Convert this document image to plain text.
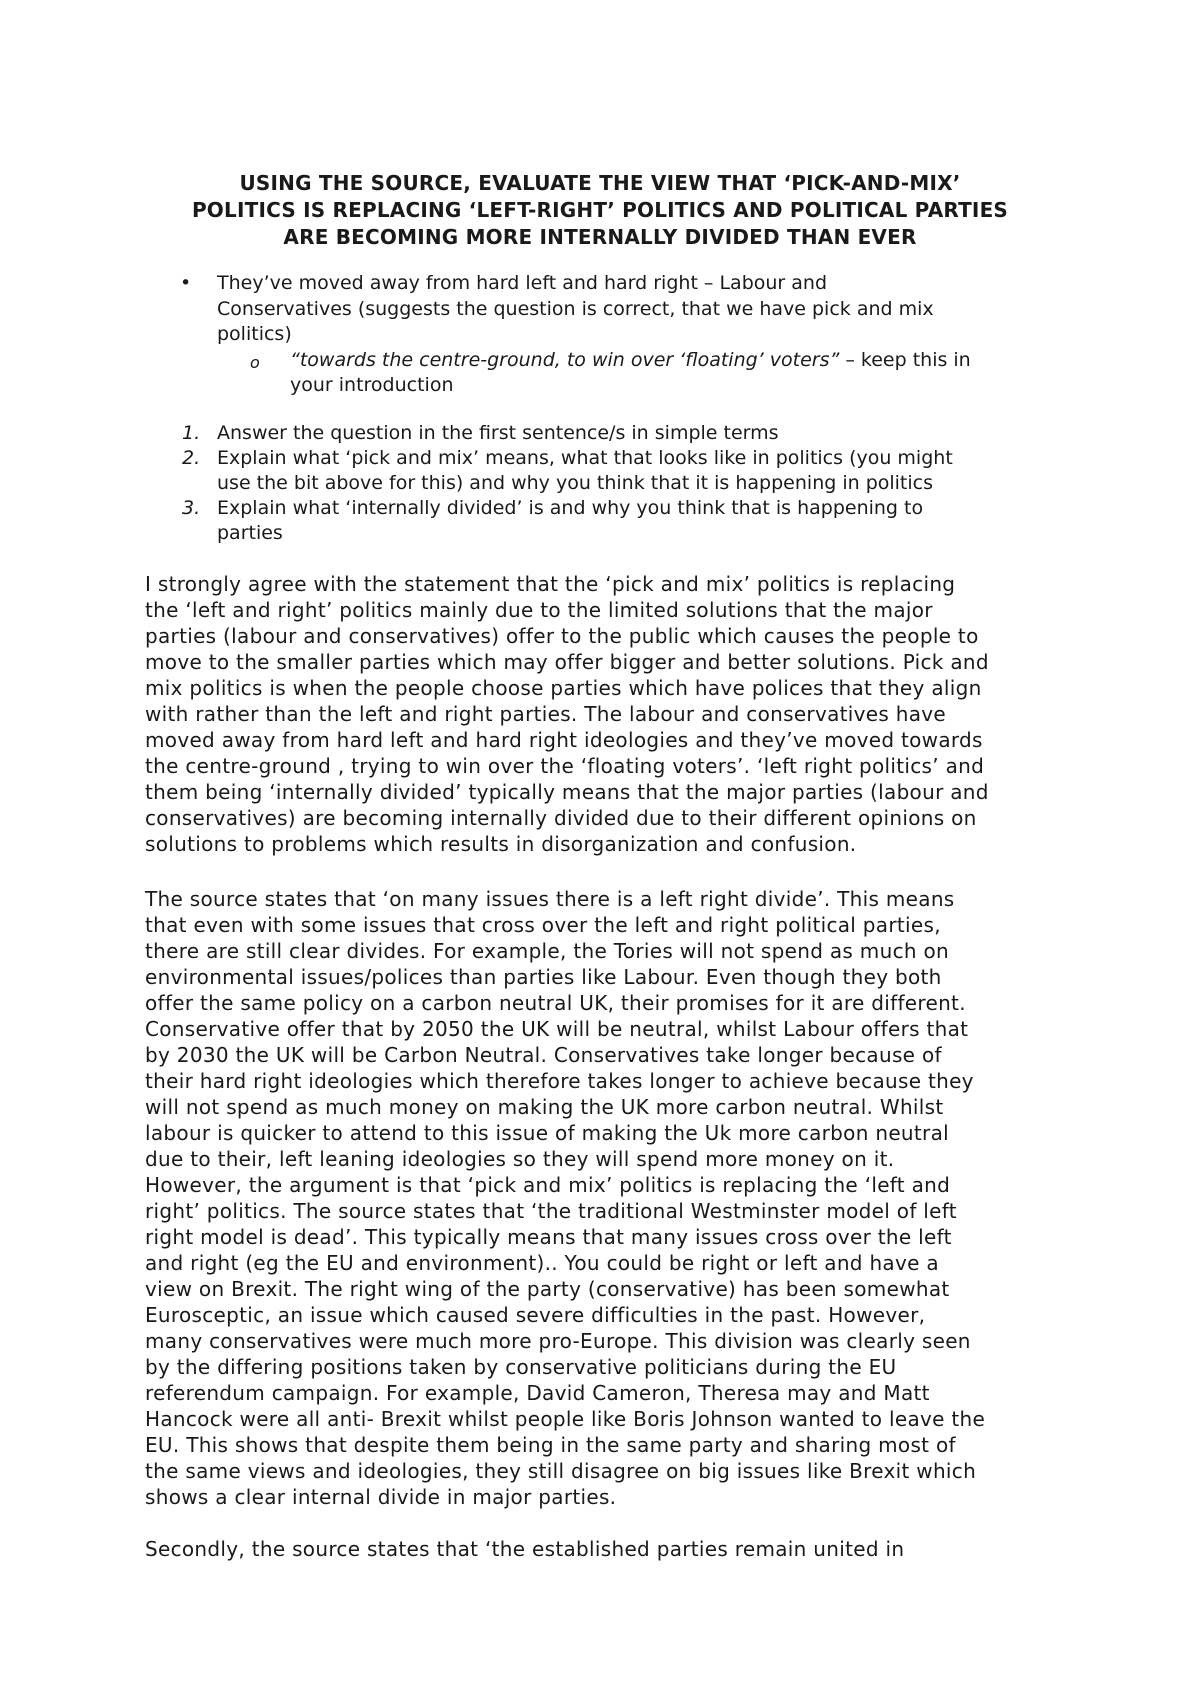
USING THE SOURCE, EVALUATE THE VIEW THAT ‘PICK-AND-MIX’
POLITICS IS REPLACING ‘LEFT-RIGHT’ POLITICS AND POLITICAL PARTIES
ARE BECOMING MORE INTERNALLY DIVIDED THAN EVER
• They’ve moved away from hard left and hard right – Labour and
Conservatives (suggests the question is correct, that we have pick and mix
politics)
o “towards the centre-ground, to win over ‘floating’ voters” – keep this in
your introduction
1. Answer the question in the first sentence/s in simple terms
2. Explain what ‘pick and mix’ means, what that looks like in politics (you might
use the bit above for this) and why you think that it is happening in politics
3. Explain what ‘internally divided’ is and why you think that is happening to
parties

I strongly agree with the statement that the ‘pick and mix’ politics is replacing
the ‘left and right’ politics mainly due to the limited solutions that the major
parties (labour and conservatives) offer to the public which causes the people to
move to the smaller parties which may offer bigger and better solutions. Pick and
mix politics is when the people choose parties which have polices that they align
with rather than the left and right parties. The labour and conservatives have
moved away from hard left and hard right ideologies and they’ve moved towards
the centre-ground , trying to win over the ‘floating voters’. ‘left right politics’ and
them being ‘internally divided’ typically means that the major parties (labour and
conservatives) are becoming internally divided due to their different opinions on
solutions to problems which results in disorganization and confusion.

The source states that ‘on many issues there is a left right divide’. This means
that even with some issues that cross over the left and right political parties,
there are still clear divides. For example, the Tories will not spend as much on
environmental issues/polices than parties like Labour. Even though they both
offer the same policy on a carbon neutral UK, their promises for it are different.
Conservative offer that by 2050 the UK will be neutral, whilst Labour offers that
by 2030 the UK will be Carbon Neutral. Conservatives take longer because of
their hard right ideologies which therefore takes longer to achieve because they
will not spend as much money on making the UK more carbon neutral. Whilst
labour is quicker to attend to this issue of making the Uk more carbon neutral
due to their, left leaning ideologies so they will spend more money on it.
However, the argument is that ‘pick and mix’ politics is replacing the ‘left and
right’ politics. The source states that ‘the traditional Westminster model of left
right model is dead’. This typically means that many issues cross over the left
and right (eg the EU and environment).. You could be right or left and have a
view on Brexit. The right wing of the party (conservative) has been somewhat
Eurosceptic, an issue which caused severe difficulties in the past. However,
many conservatives were much more pro-Europe. This division was clearly seen
by the differing positions taken by conservative politicians during the EU
referendum campaign. For example, David Cameron, Theresa may and Matt
Hancock were all anti- Brexit whilst people like Boris Johnson wanted to leave the
EU. This shows that despite them being in the same party and sharing most of
the same views and ideologies, they still disagree on big issues like Brexit which
shows a clear internal divide in major parties.

Secondly, the source states that ‘the established parties remain united in
